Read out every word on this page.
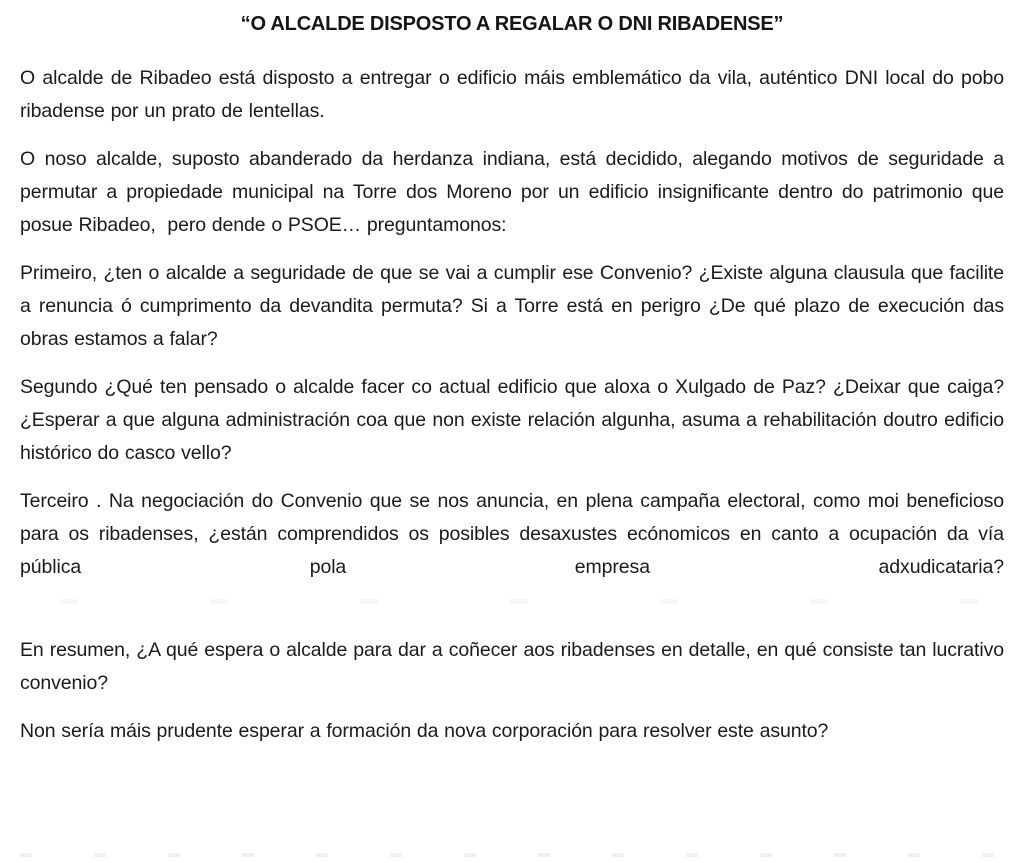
“O ALCALDE DISPOSTO A REGALAR O DNI RIBADENSE”

O alcalde de Ribadeo está disposto a entregar o edificio máis emblemático da vila, auténtico DNI local do pobo ribadense por un prato de lentellas.

O noso alcalde, suposto abanderado da herdanza indiana, está decidido, alegando motivos de seguridade a permutar a propiedade municipal na Torre dos Moreno por un edificio insignificante dentro do patrimonio que posue Ribadeo,  pero dende o PSOE… preguntamonos:

Primeiro, ¿ten o alcalde a seguridade de que se vai a cumplir ese Convenio? ¿Existe alguna clausula que facilite a renuncia ó cumprimento da devandita permuta? Si a Torre está en perigro ¿De qué plazo de execución das obras estamos a falar?

Segundo ¿Qué ten pensado o alcalde facer co actual edificio que aloxa o Xulgado de Paz? ¿Deixar que caiga? ¿Esperar a que alguna administración coa que non existe relación algunha, asuma a rehabilitación doutro edificio histórico do casco vello?

Terceiro . Na negociación do Convenio que se nos anuncia, en plena campaña electoral, como moi beneficioso para os ribadenses, ¿están comprendidos os posibles desaxustes ecónomicos en canto a ocupación da vía pública pola empresa adxudicataria?

En resumen, ¿A qué espera o alcalde para dar a coñecer aos ribadenses en detalle, en qué consiste tan lucrativo convenio?

Non sería máis prudente esperar a formación da nova corporación para resolver este asunto?
